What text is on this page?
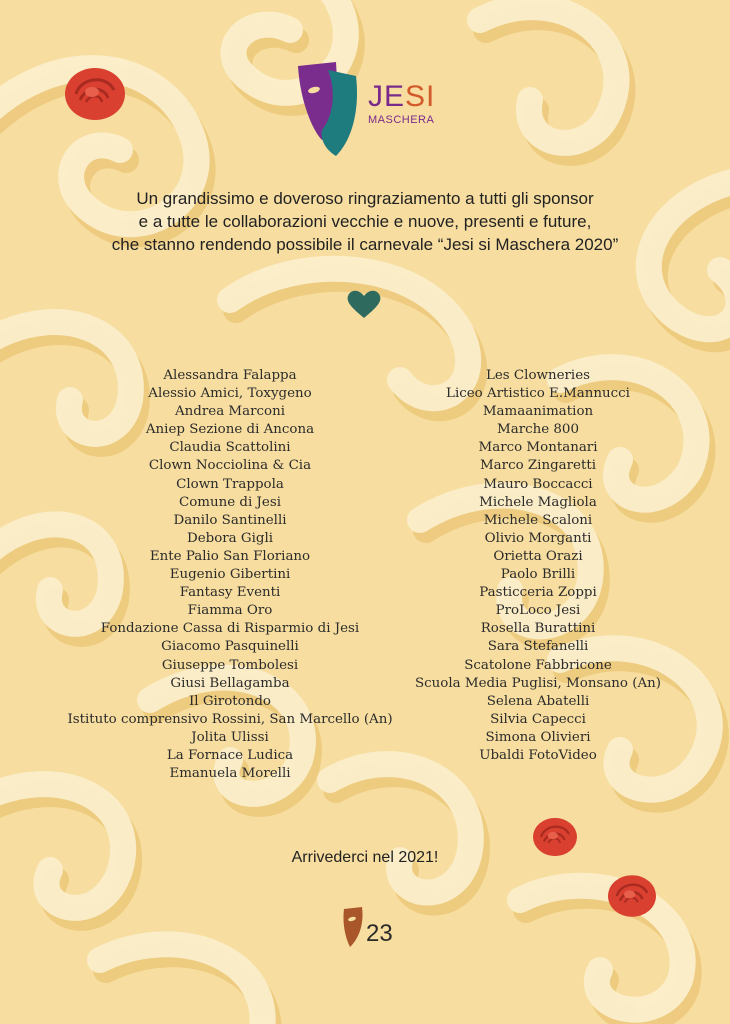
JESI
MASCHERA
Un grandissimo e doveroso ringraziamento a tutti gli sponsor
e a tutte le collaborazioni vecchie e nuove, presenti e future,
che stanno rendendo possibile il carnevale “Jesi si Maschera 2020”
Alessandra Falappa
Alessio Amici, Toxygeno
Andrea Marconi
Aniep Sezione di Ancona
Claudia Scattolini
Clown Nocciolina & Cia
Clown Trappola
Comune di Jesi
Danilo Santinelli
Debora Gigli
Ente Palio San Floriano
Eugenio Gibertini
Fantasy Eventi
Fiamma Oro
Fondazione Cassa di Risparmio di Jesi
Giacomo Pasquinelli
Giuseppe Tombolesi
Giusi Bellagamba
Il Girotondo
Istituto comprensivo Rossini, San Marcello (An)
Jolita Ulissi
La Fornace Ludica
Emanuela Morelli
Les Clowneries
Liceo Artistico E.Mannucci
Mamaanimation
Marche 800
Marco Montanari
Marco Zingaretti
Mauro Boccacci
Michele Magliola
Michele Scaloni
Olivio Morganti
Orietta Orazi
Paolo Brilli
Pasticceria Zoppi
ProLoco Jesi
Rosella Burattini
Sara Stefanelli
Scatolone Fabbricone
Scuola Media Puglisi, Monsano (An)
Selena Abatelli
Silvia Capecci
Simona Olivieri
Ubaldi FotoVideo
Arrivederci nel 2021!
23
